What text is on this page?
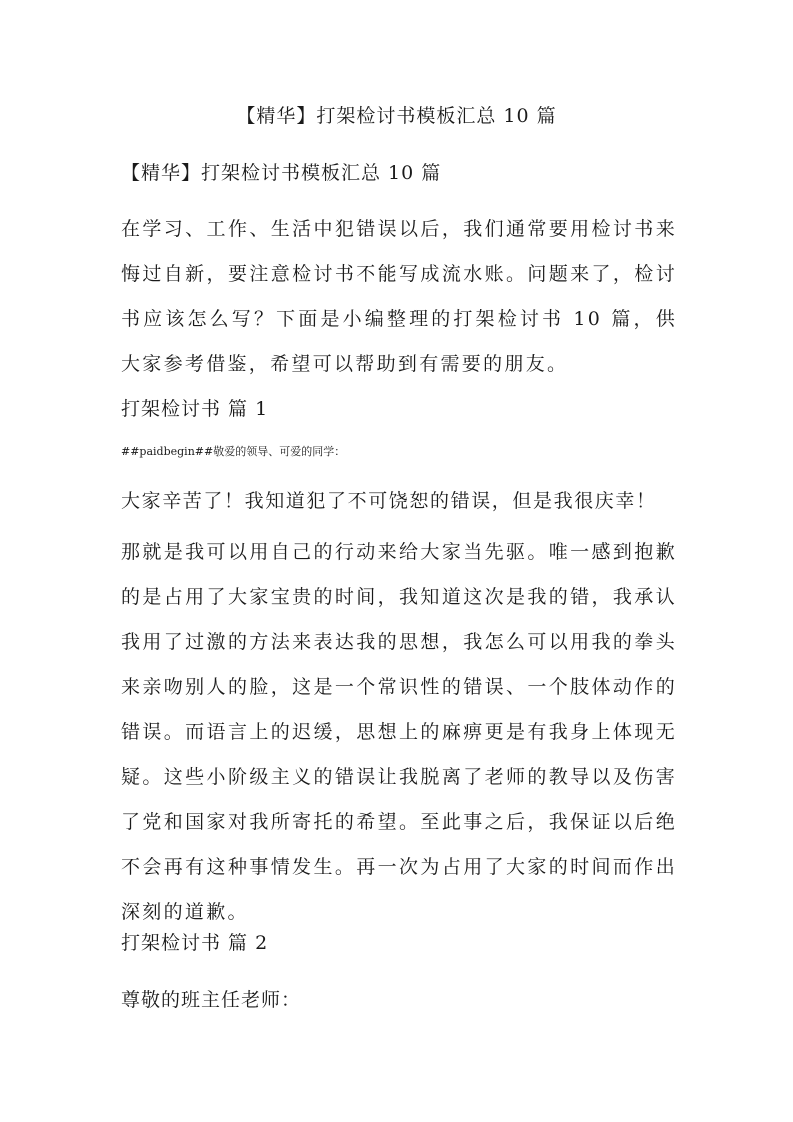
【精华】打架检讨书模板汇总 10 篇

【精华】打架检讨书模板汇总 10 篇

在学习、工作、生活中犯错误以后，我们通常要用检讨书来悔过自新，要注意检讨书不能写成流水账。问题来了，检讨书应该怎么写？下面是小编整理的打架检讨书 10 篇，供大家参考借鉴，希望可以帮助到有需要的朋友。

打架检讨书 篇 1

##paidbegin##敬爱的领导、可爱的同学：

大家辛苦了！我知道犯了不可饶恕的错误，但是我很庆幸！

那就是我可以用自己的行动来给大家当先驱。唯一感到抱歉的是占用了大家宝贵的时间，我知道这次是我的错，我承认我用了过激的方法来表达我的思想，我怎么可以用我的拳头来亲吻别人的脸，这是一个常识性的错误、一个肢体动作的错误。而语言上的迟缓，思想上的麻痹更是有我身上体现无疑。这些小阶级主义的错误让我脱离了老师的教导以及伤害了党和国家对我所寄托的希望。至此事之后，我保证以后绝不会再有这种事情发生。再一次为占用了大家的时间而作出深刻的道歉。

打架检讨书 篇 2

尊敬的班主任老师：
